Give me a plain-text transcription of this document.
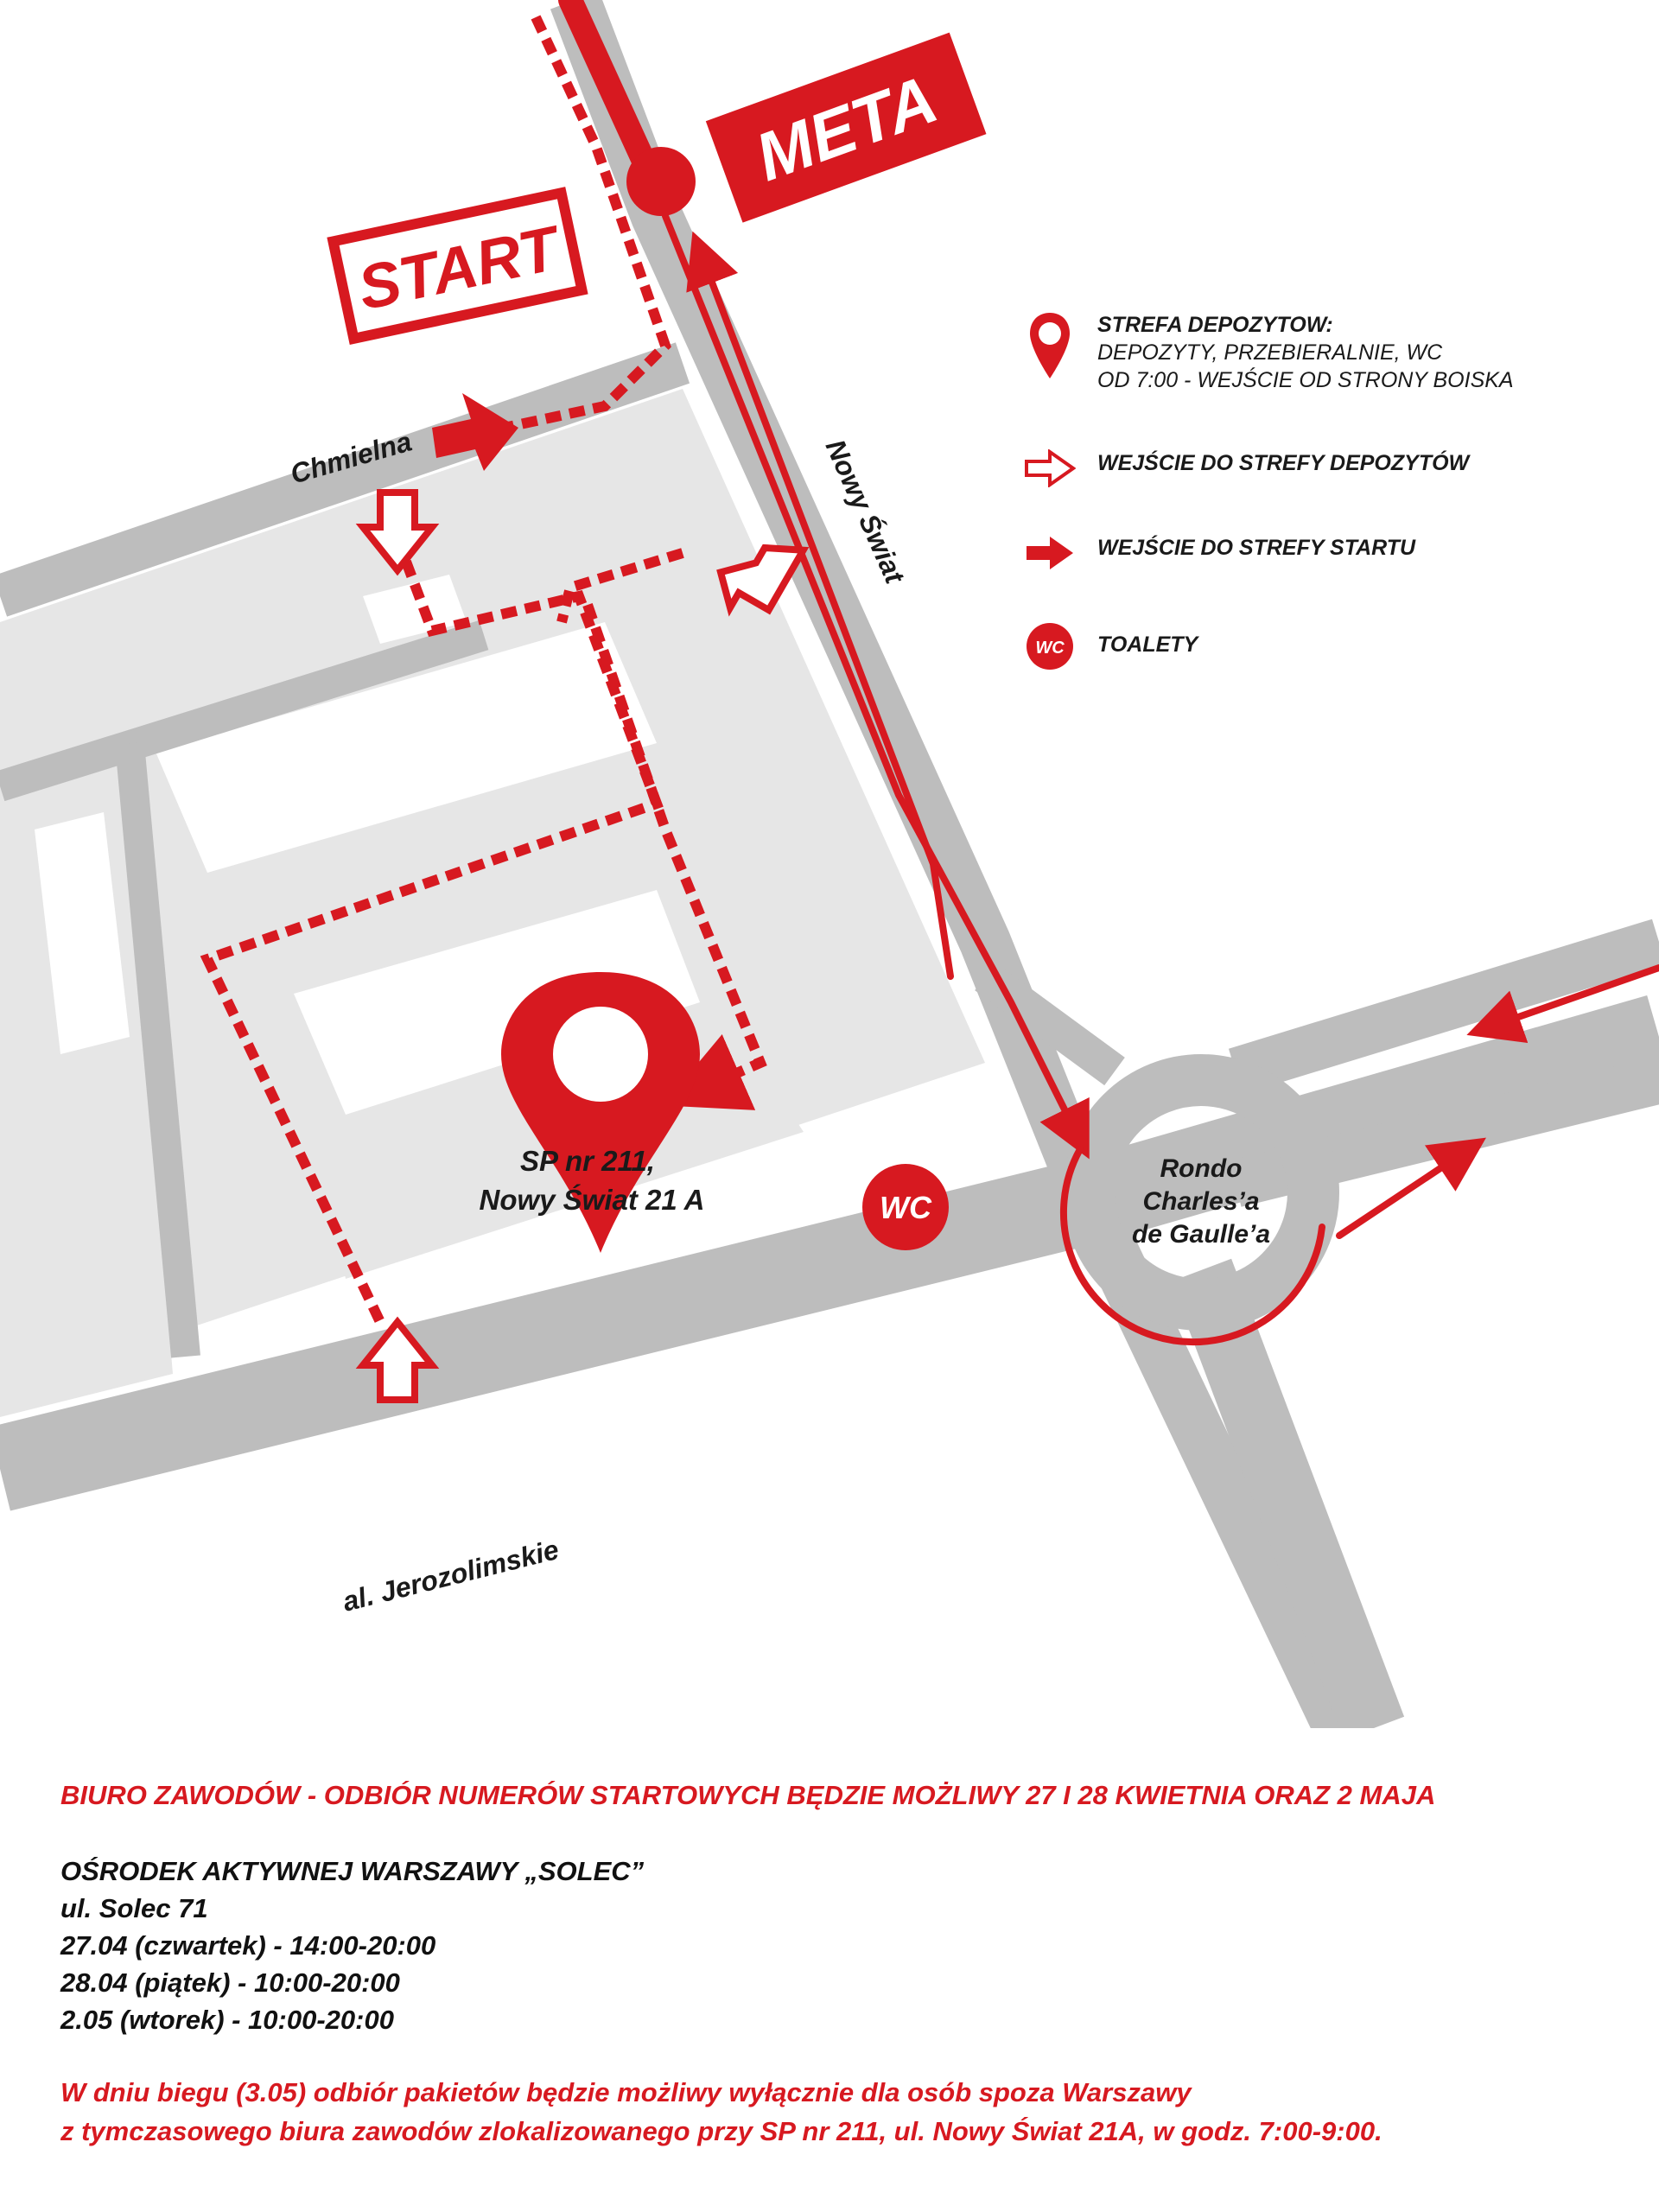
START
META
Chmielna	Nowy Świat
al. Jerozolimskie
SP nr 211,
Nowy Świat 21 A	WC
Rondo
Charles’a
de Gaulle’a
STREFA DEPOZYTOW:
DEPOZYTY, PRZEBIERALNIE, WC
OD 7:00 - WEJŚCIE OD STRONY BOISKA
WEJŚCIE DO STREFY DEPOZYTÓW
WEJŚCIE DO STREFY STARTU
WC TOALETY

BIURO ZAWODÓW - ODBIÓR NUMERÓW STARTOWYCH BĘDZIE MOŻLIWY 27 I 28 KWIETNIA ORAZ 2 MAJA

OŚRODEK AKTYWNEJ WARSZAWY „SOLEC”
ul. Solec 71
27.04 (czwartek) - 14:00-20:00
28.04 (piątek) - 10:00-20:00
2.05 (wtorek) - 10:00-20:00
W dniu biegu (3.05) odbiór pakietów będzie możliwy wyłącznie dla osób spoza Warszawy
z tymczasowego biura zawodów zlokalizowanego przy SP nr 211, ul. Nowy Świat 21A, w godz. 7:00-9:00.
